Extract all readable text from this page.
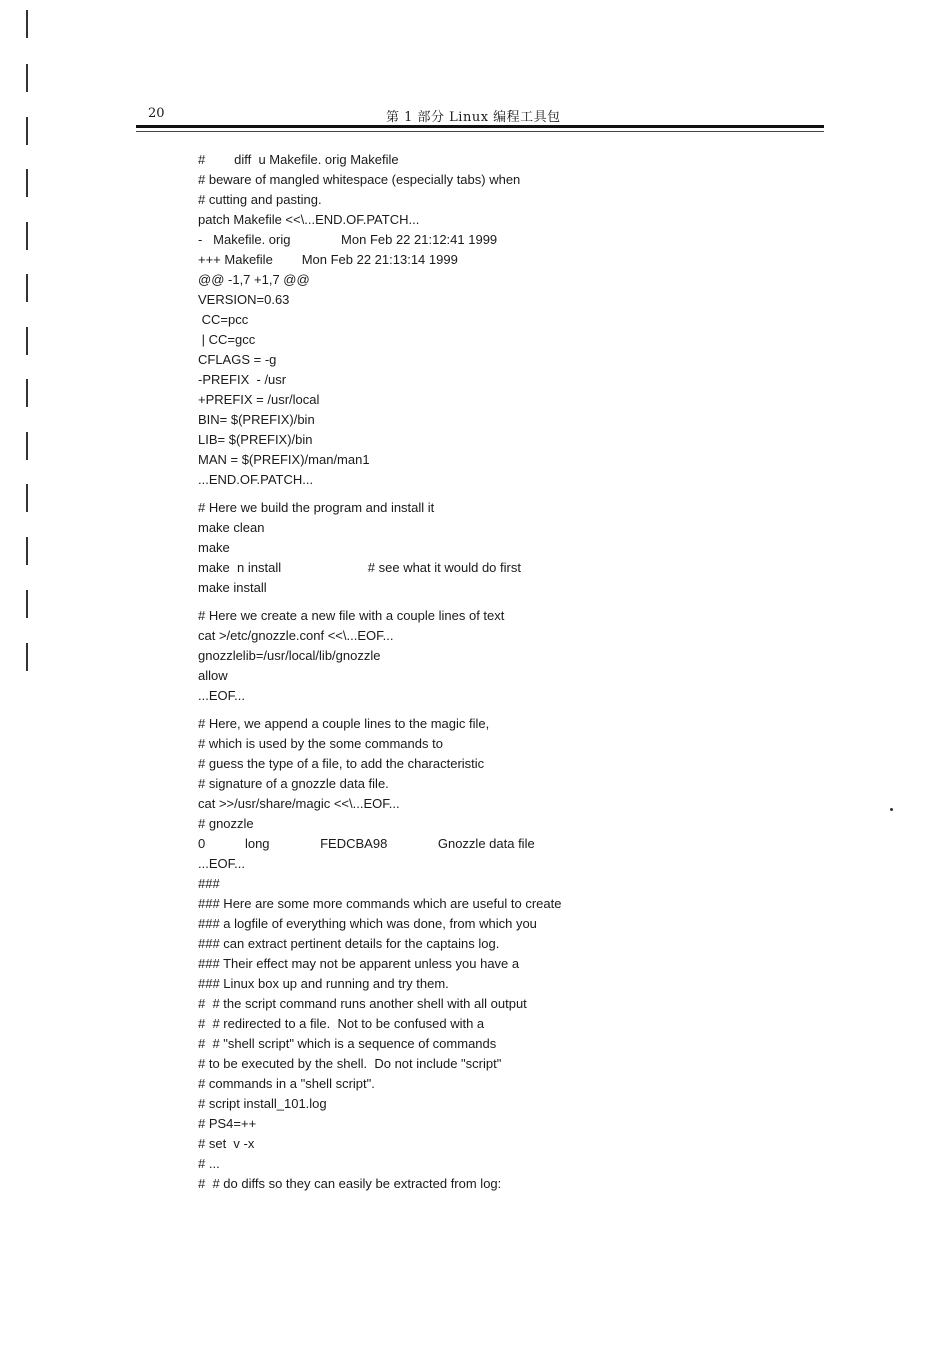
20	第 1 部分 Linux 编程工具包
#        diff  u Makefile. orig Makefile
# beware of mangled whitespace (especially tabs) when
# cutting and pasting.
patch Makefile <<\...END.OF.PATCH...
-   Makefile. orig              Mon Feb 22 21:12:41 1999
+++ Makefile        Mon Feb 22 21:13:14 1999
@@ -1,7 +1,7 @@
VERSION=0.63
CC=pcc
| CC=gcc
CFLAGS = -g
-PREFIX  - /usr
+PREFIX = /usr/local
BIN= $(PREFIX)/bin
LIB= $(PREFIX)/bin
MAN = $(PREFIX)/man/man1
...END.OF.PATCH...
# Here we build the program and install it
make clean
make
make  n install                        # see what it would do first
make install
# Here we create a new file with a couple lines of text
cat >/etc/gnozzle.conf <<\...EOF...
gnozzlelib=/usr/local/lib/gnozzle
allow
...EOF...
# Here, we append a couple lines to the magic file,
# which is used by the some commands to
# guess the type of a file, to add the characteristic
# signature of a gnozzle data file.
cat >>/usr/share/magic <<\...EOF...
# gnozzle
0           long              FEDCBA98              Gnozzle data file
...EOF...
###
### Here are some more commands which are useful to create
### a logfile of everything which was done, from which you
### can extract pertinent details for the captains log.
### Their effect may not be apparent unless you have a
### Linux box up and running and try them.
#  # the script command runs another shell with all output
#  # redirected to a file.  Not to be confused with a
#  # "shell script" which is a sequence of commands
# to be executed by the shell.  Do not include "script"
# commands in a "shell script".
# script install_101.log
# PS4=++
# set  v -x
# ...
#  # do diffs so they can easily be extracted from log:
